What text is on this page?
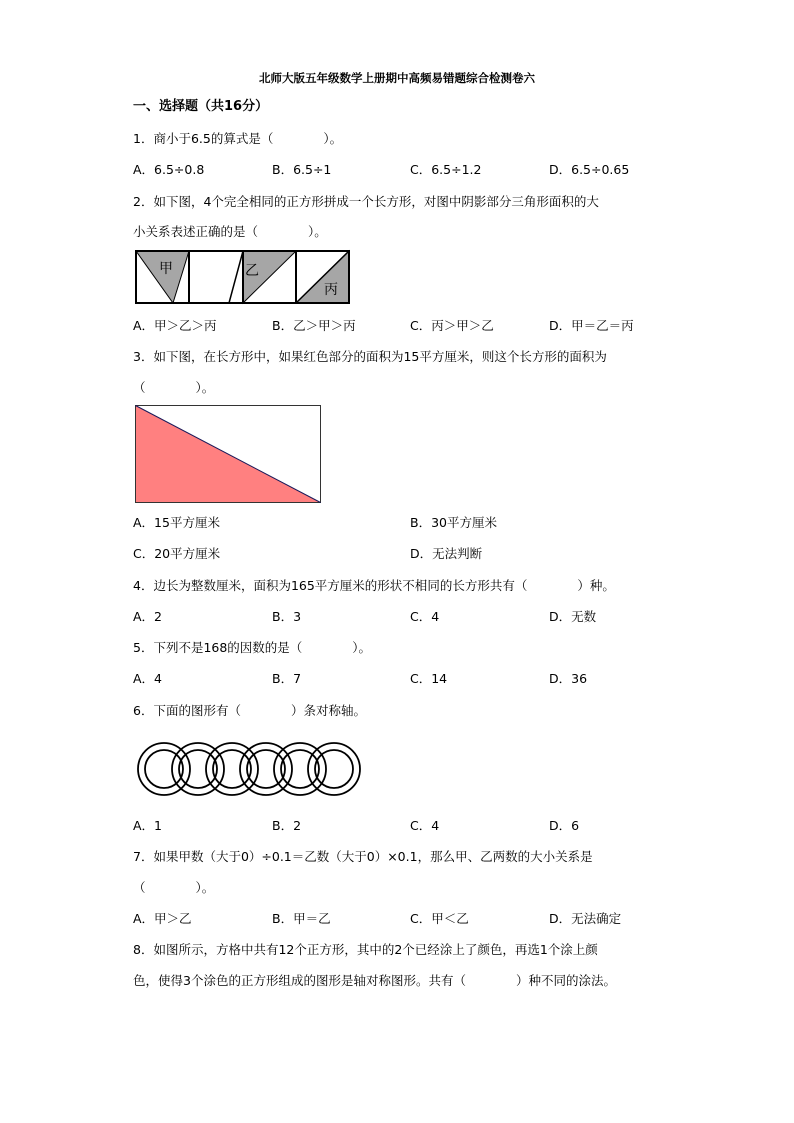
北师大版五年级数学上册期中高频易错题综合检测卷六
一、选择题（共16分）
1．商小于6.5的算式是（　　　　）。
A．6.5÷0.8	B．6.5÷1	C．6.5÷1.2	D．6.5÷0.65
2．如下图，4个完全相同的正方形拼成一个长方形，对图中阴影部分三角形面积的大
小关系表述正确的是（　　　　）。
甲	乙
丙
A．甲＞乙＞丙	B．乙＞甲＞丙	C．丙＞甲＞乙	D．甲＝乙＝丙
3．如下图，在长方形中，如果红色部分的面积为15平方厘米，则这个长方形的面积为
（　　　　）。
A．15平方厘米	B．30平方厘米
C．20平方厘米	D．无法判断
4．边长为整数厘米，面积为165平方厘米的形状不相同的长方形共有（　　　　）种。
A．2	B．3	C．4	D．无数
5．下列不是168的因数的是（　　　　）。
A．4	B．7	C．14	D．36
6．下面的图形有（　　　　）条对称轴。
A．1	B．2	C．4	D．6
7．如果甲数（大于0）÷0.1＝乙数（大于0）×0.1，那么甲、乙两数的大小关系是
（　　　　）。
A．甲＞乙	B．甲＝乙	C．甲＜乙	D．无法确定
8．如图所示，方格中共有12个正方形，其中的2个已经涂上了颜色，再选1个涂上颜
色，使得3个涂色的正方形组成的图形是轴对称图形。共有（　　　　）种不同的涂法。
